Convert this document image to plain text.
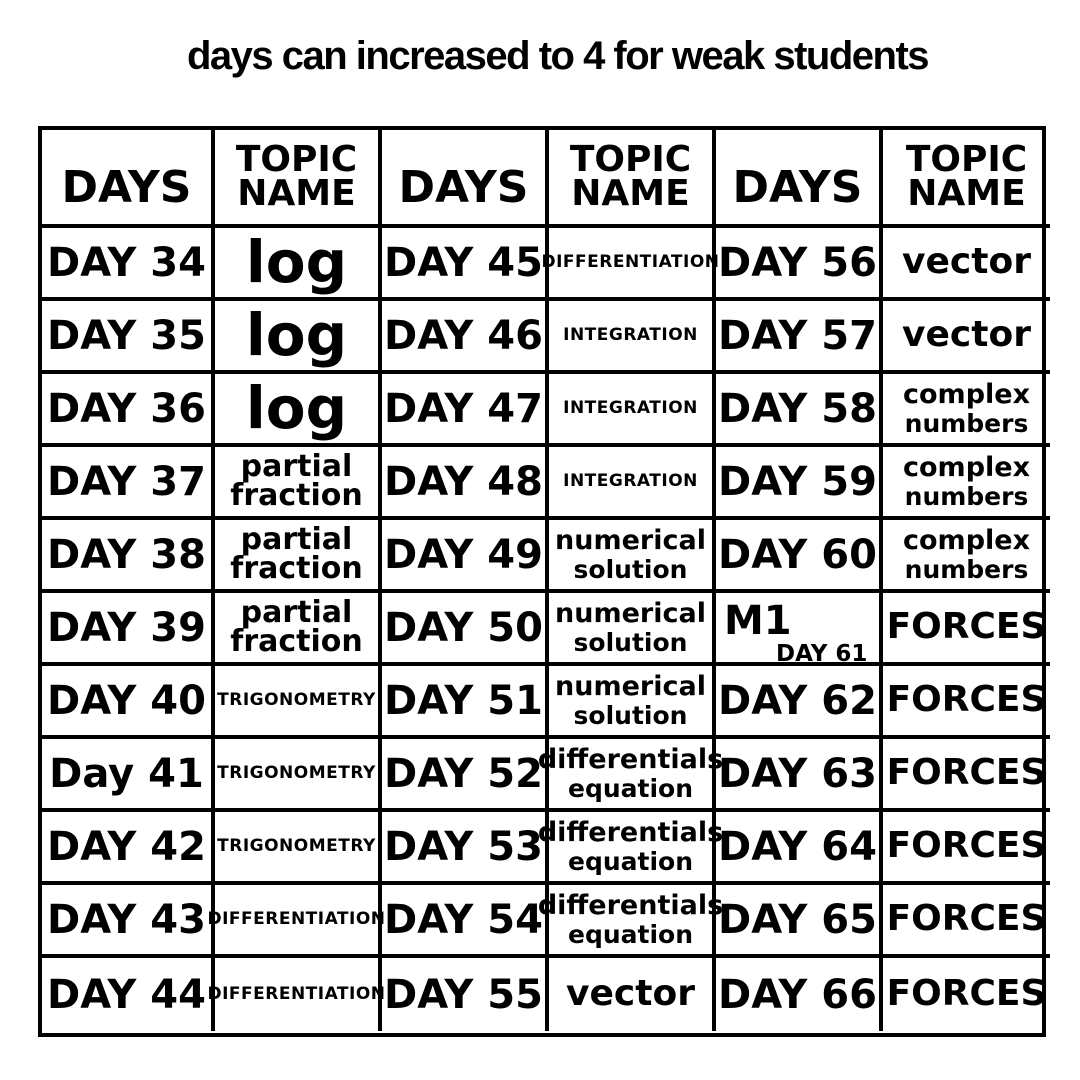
days can increased to 4 for weak students
DAYS
TOPIC
NAME DAYS
TOPIC
NAME DAYS
TOPIC
NAME
DAY 34 log DAY 45
DIFFERENTIATION
DAY 56 vector
DAY 35 log DAY 46 INTEGRATION DAY 57 vector
DAY 36 log DAY 47 INTEGRATION DAY 58 complex
numbers
DAY 37 partial
fraction DAY 48 INTEGRATION DAY 59 complex
numbers
DAY 38 partial
fraction DAY 49 numerical
solution DAY 60 complex
numbers
DAY 39 partial
fraction DAY 50 numerical
solution M1
DAY 61
FORCES
DAY 40 TRIGONOMETRY DAY 51 numerical
solution DAY 62 FORCES
Day 41 TRIGONOMETRY DAY 52
differentials
equation DAY 63 FORCES
DAY 42 TRIGONOMETRY DAY 53
differentials
equation DAY 64 FORCES
DAY 43 DIFFERENTIATION
DAY 54
differentials
equation DAY 65 FORCES
DAY 44 DIFFERENTIATION
DAY 55 vector DAY 66 FORCES
